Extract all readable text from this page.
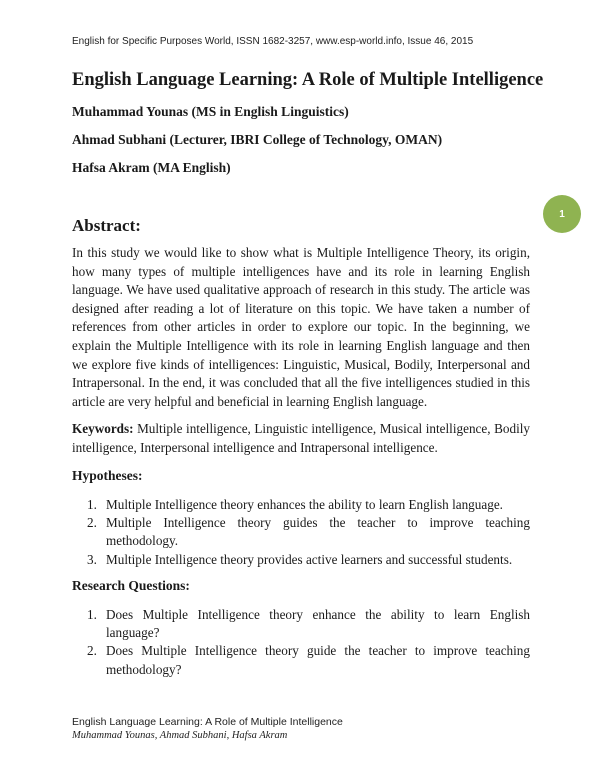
English for Specific Purposes World, ISSN 1682-3257, www.esp-world.info, Issue 46, 2015
English Language Learning: A Role of Multiple Intelligence

Muhammad Younas (MS in English Linguistics)

Ahmad Subhani (Lecturer, IBRI College of Technology, OMAN)

Hafsa Akram (MA English)

1
Abstract:

In this study we would like to show what is Multiple Intelligence Theory, its origin, how many types of multiple intelligences have and its role in learning English language. We have used qualitative approach of research in this study. The article was designed after reading a lot of literature on this topic. We have taken a number of references from other articles in order to explore our topic. In the beginning, we explain the Multiple Intelligence with its role in learning English language and then we explore five kinds of intelligences: Linguistic, Musical, Bodily, Interpersonal and Intrapersonal. In the end, it was concluded that all the five intelligences studied in this article are very helpful and beneficial in learning English language.

Keywords: Multiple intelligence, Linguistic intelligence, Musical intelligence, Bodily intelligence, Interpersonal intelligence and Intrapersonal intelligence.

Hypotheses:

1. Multiple Intelligence theory enhances the ability to learn English language.
2. Multiple Intelligence theory guides the teacher to improve teaching methodology.
3. Multiple Intelligence theory provides active learners and successful students.

Research Questions:

1. Does Multiple Intelligence theory enhance the ability to learn English language?
2. Does Multiple Intelligence theory guide the teacher to improve teaching methodology?
English Language Learning: A Role of Multiple Intelligence
Muhammad Younas, Ahmad Subhani, Hafsa Akram
